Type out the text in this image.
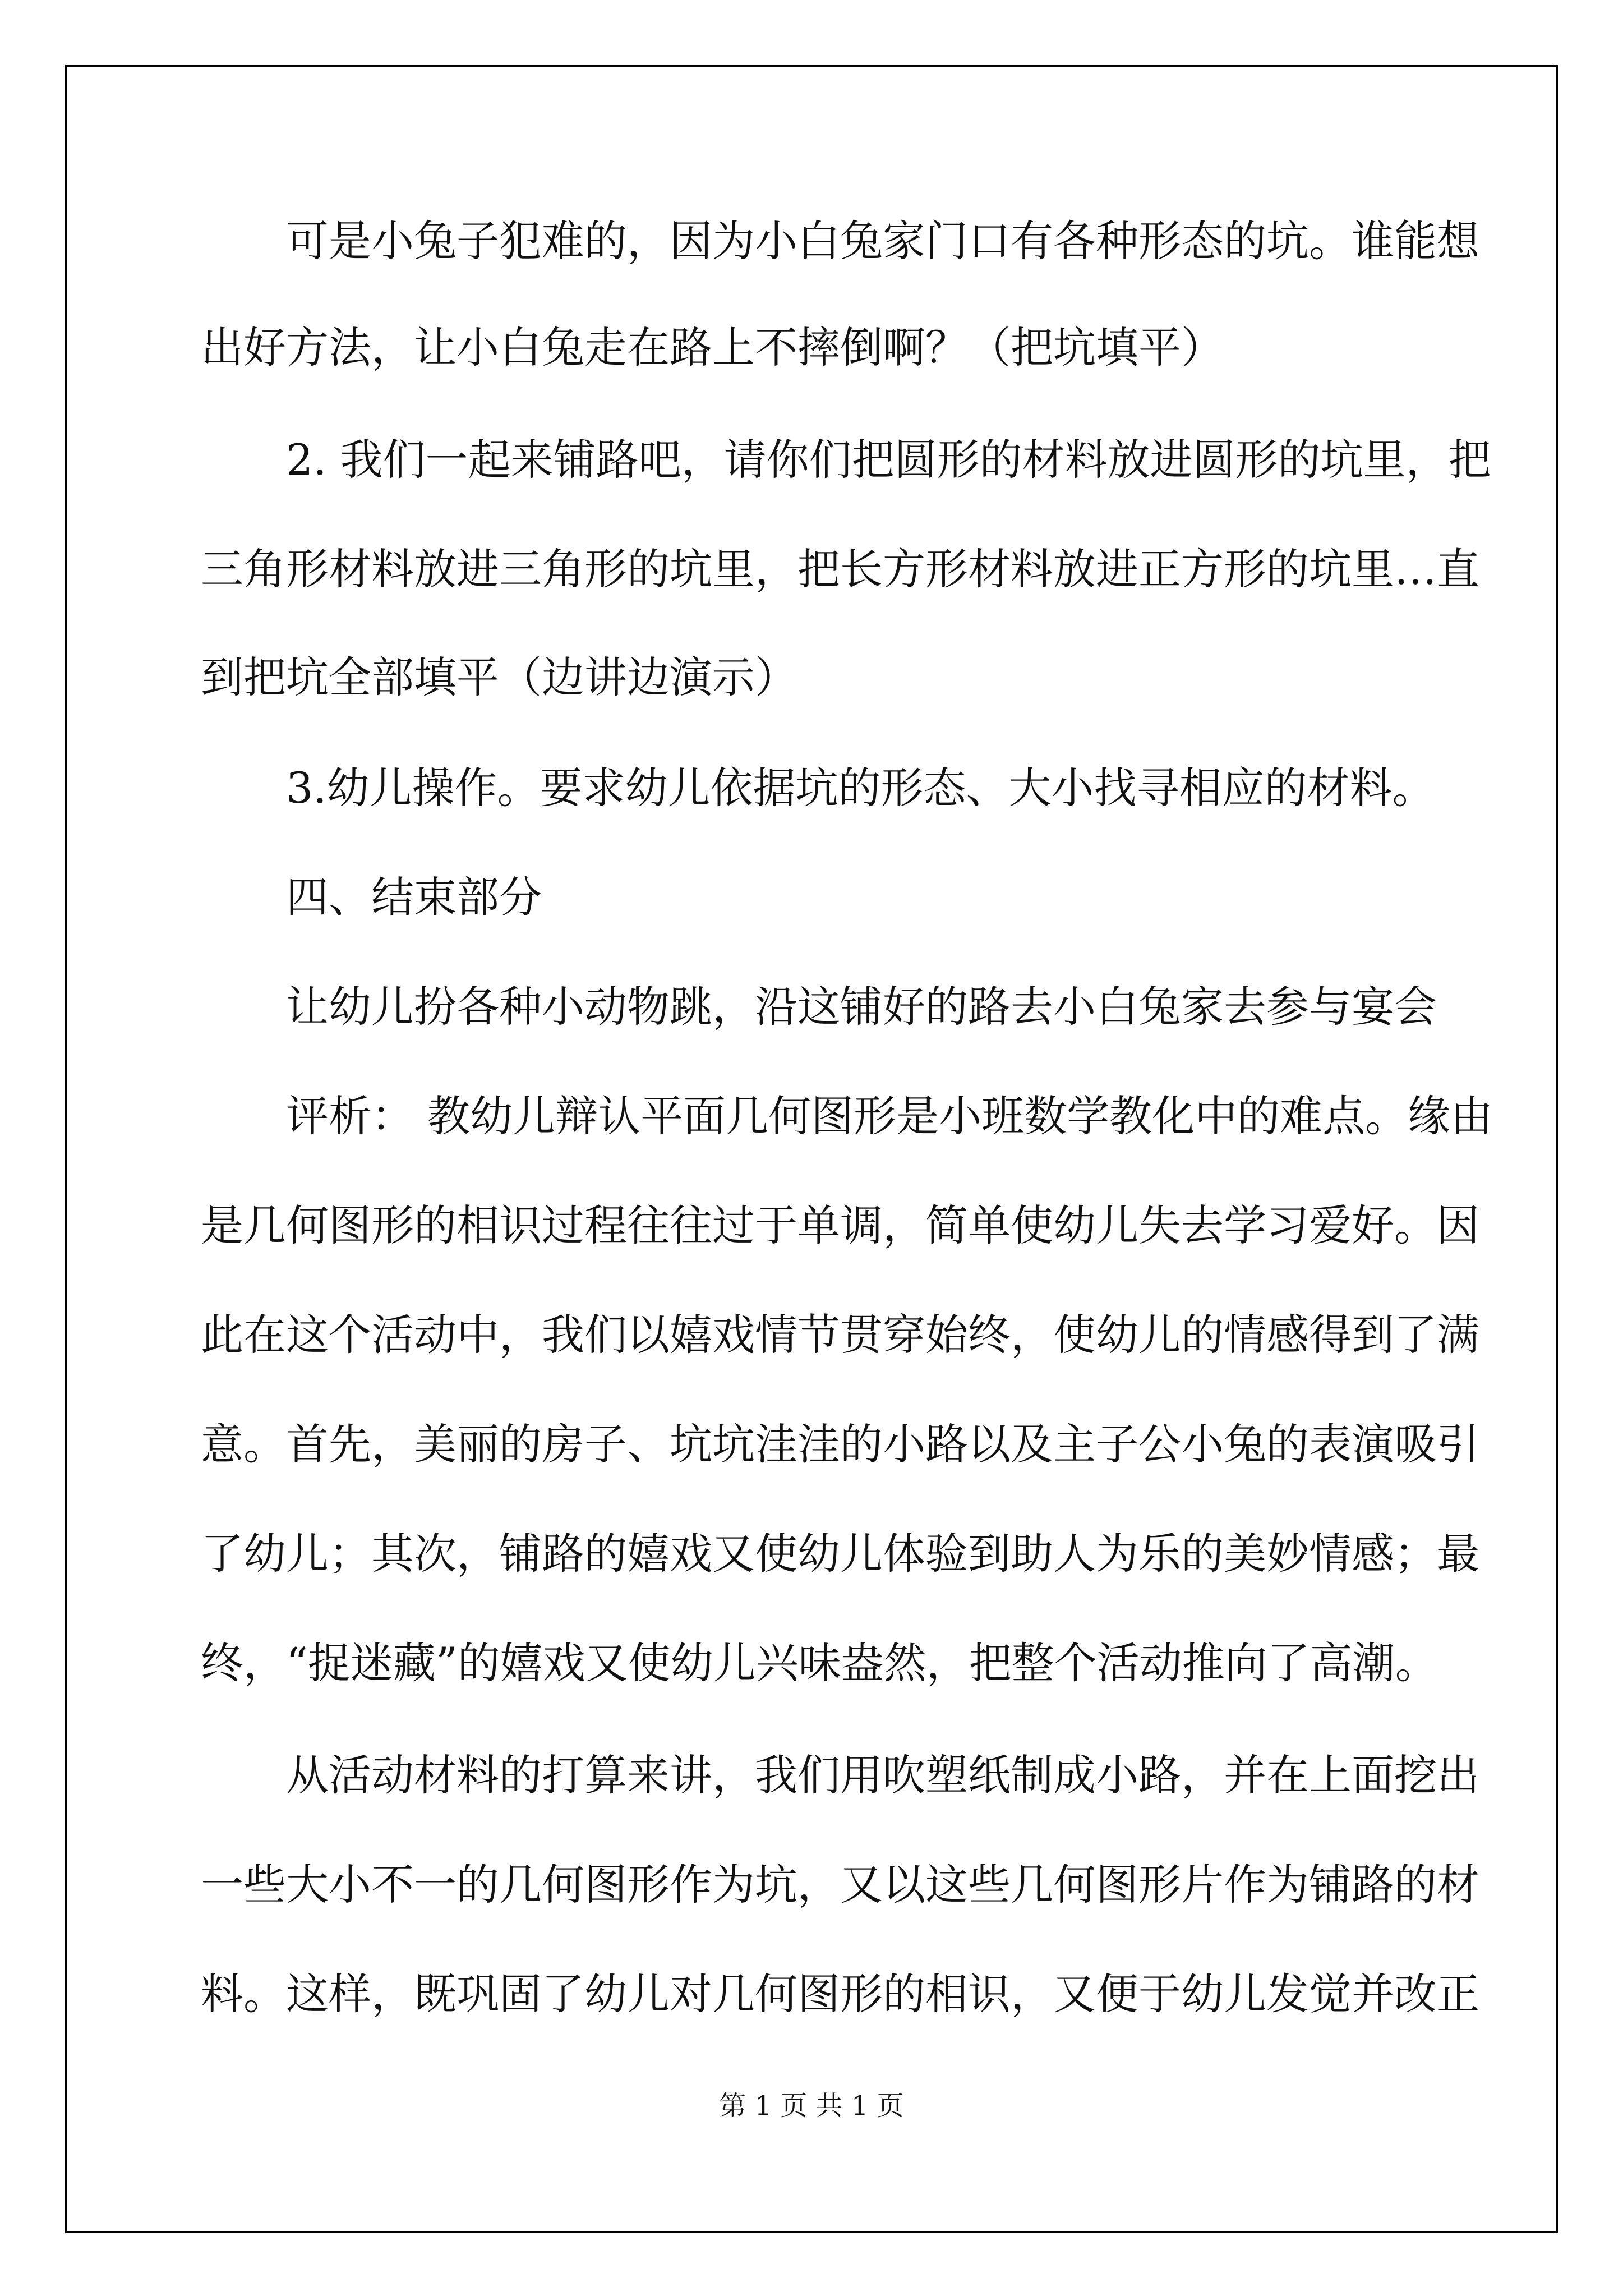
可是小兔子犯难的，因为小白兔家门口有各种形态的坑。谁能想
出好方法，让小白兔走在路上不摔倒啊？（把坑填平）
2. 我们一起来铺路吧，请你们把圆形的材料放进圆形的坑里，把
三角形材料放进三角形的坑里，把长方形材料放进正方形的坑里…直
到把坑全部填平（边讲边演示）
3.幼儿操作。要求幼儿依据坑的形态、大小找寻相应的材料。
四、结束部分
让幼儿扮各种小动物跳，沿这铺好的路去小白兔家去参与宴会
评析： 教幼儿辩认平面几何图形是小班数学教化中的难点。缘由
是几何图形的相识过程往往过于单调，简单使幼儿失去学习爱好。因
此在这个活动中，我们以嬉戏情节贯穿始终，使幼儿的情感得到了满
意。首先，美丽的房子、坑坑洼洼的小路以及主子公小兔的表演吸引
了幼儿；其次，铺路的嬉戏又使幼儿体验到助人为乐的美妙情感；最
终，“捉迷藏”的嬉戏又使幼儿兴味盎然，把整个活动推向了高潮。
从活动材料的打算来讲，我们用吹塑纸制成小路，并在上面挖出
一些大小不一的几何图形作为坑，又以这些几何图形片作为铺路的材
料。这样，既巩固了幼儿对几何图形的相识，又便于幼儿发觉并改正
第 1 页 共 1 页
